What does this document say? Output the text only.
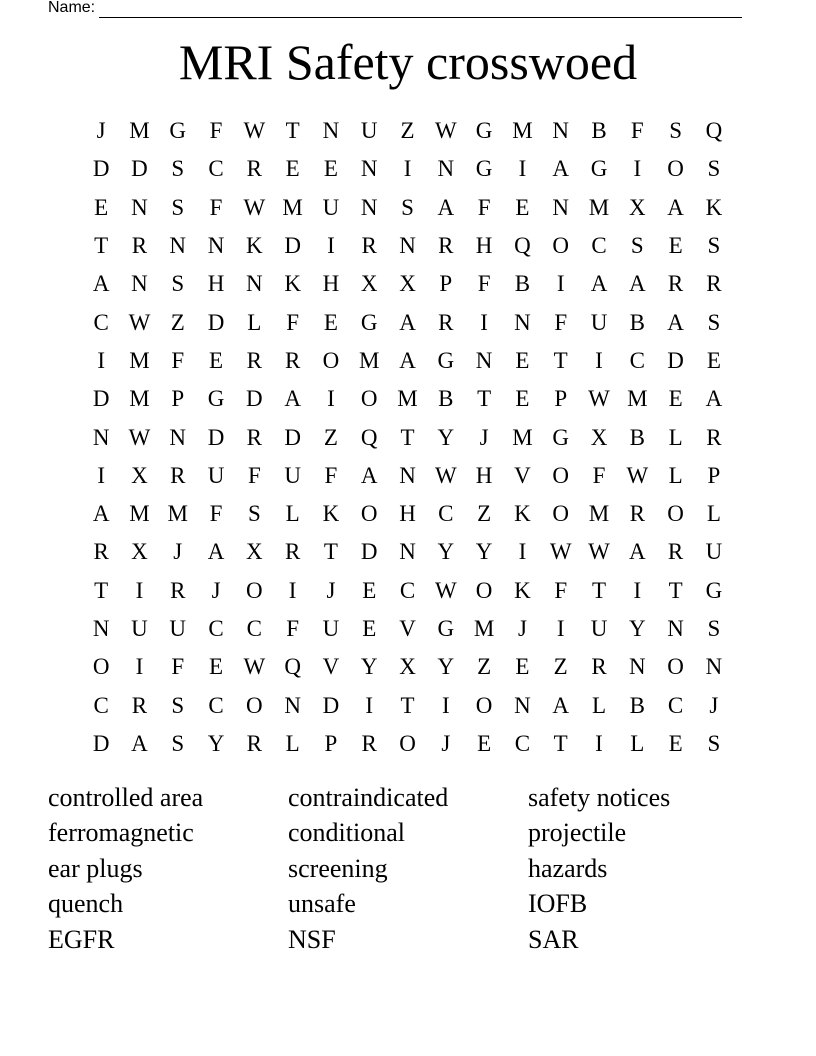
Name:
MRI Safety crosswoed
J	M G	F W T N U Z W G M N B	F	S	Q
D D	S	C R	E	E N	I	N G	I	A G	I	O	S
E N	S	F W M U N	S	A	F	E N M X A K
T	R N N K D	I	R N R H Q O C	S	E	S
A N	S	H N K H X X	P	F	B	I	A A R R
C W Z D L	F	E G A R	I	N	F	U B A	S
I	M F	E	R R O M A G N E	T	I	C D E
D M P	G D A	I	O M B	T	E	P W M E A
N W N D R D Z Q T Y	J	M G X B	L	R
I	X R U	F	U	F	A N W H V O	F W L	P
A M M F	S	L K O H C	Z K O M R O L
R X	J	A X R	T D N Y Y	I	W W A R U
T	I	R	J	O	I	J	E	C W O K	F	T	I	T G
N U U C C	F	U E V G M	J	I	U Y N	S
O	I	F	E W Q V Y X Y Z	E	Z	R N O N
C R	S	C O N D	I	T	I	O N A L	B C	J
D A	S	Y R	L	P	R O	J	E	C	T	I	L	E	S
controlled area	contraindicated	safety notices
ferromagnetic	conditional	projectile
ear plugs	screening	hazards
quench	unsafe	IOFB
EGFR	NSF	SAR
